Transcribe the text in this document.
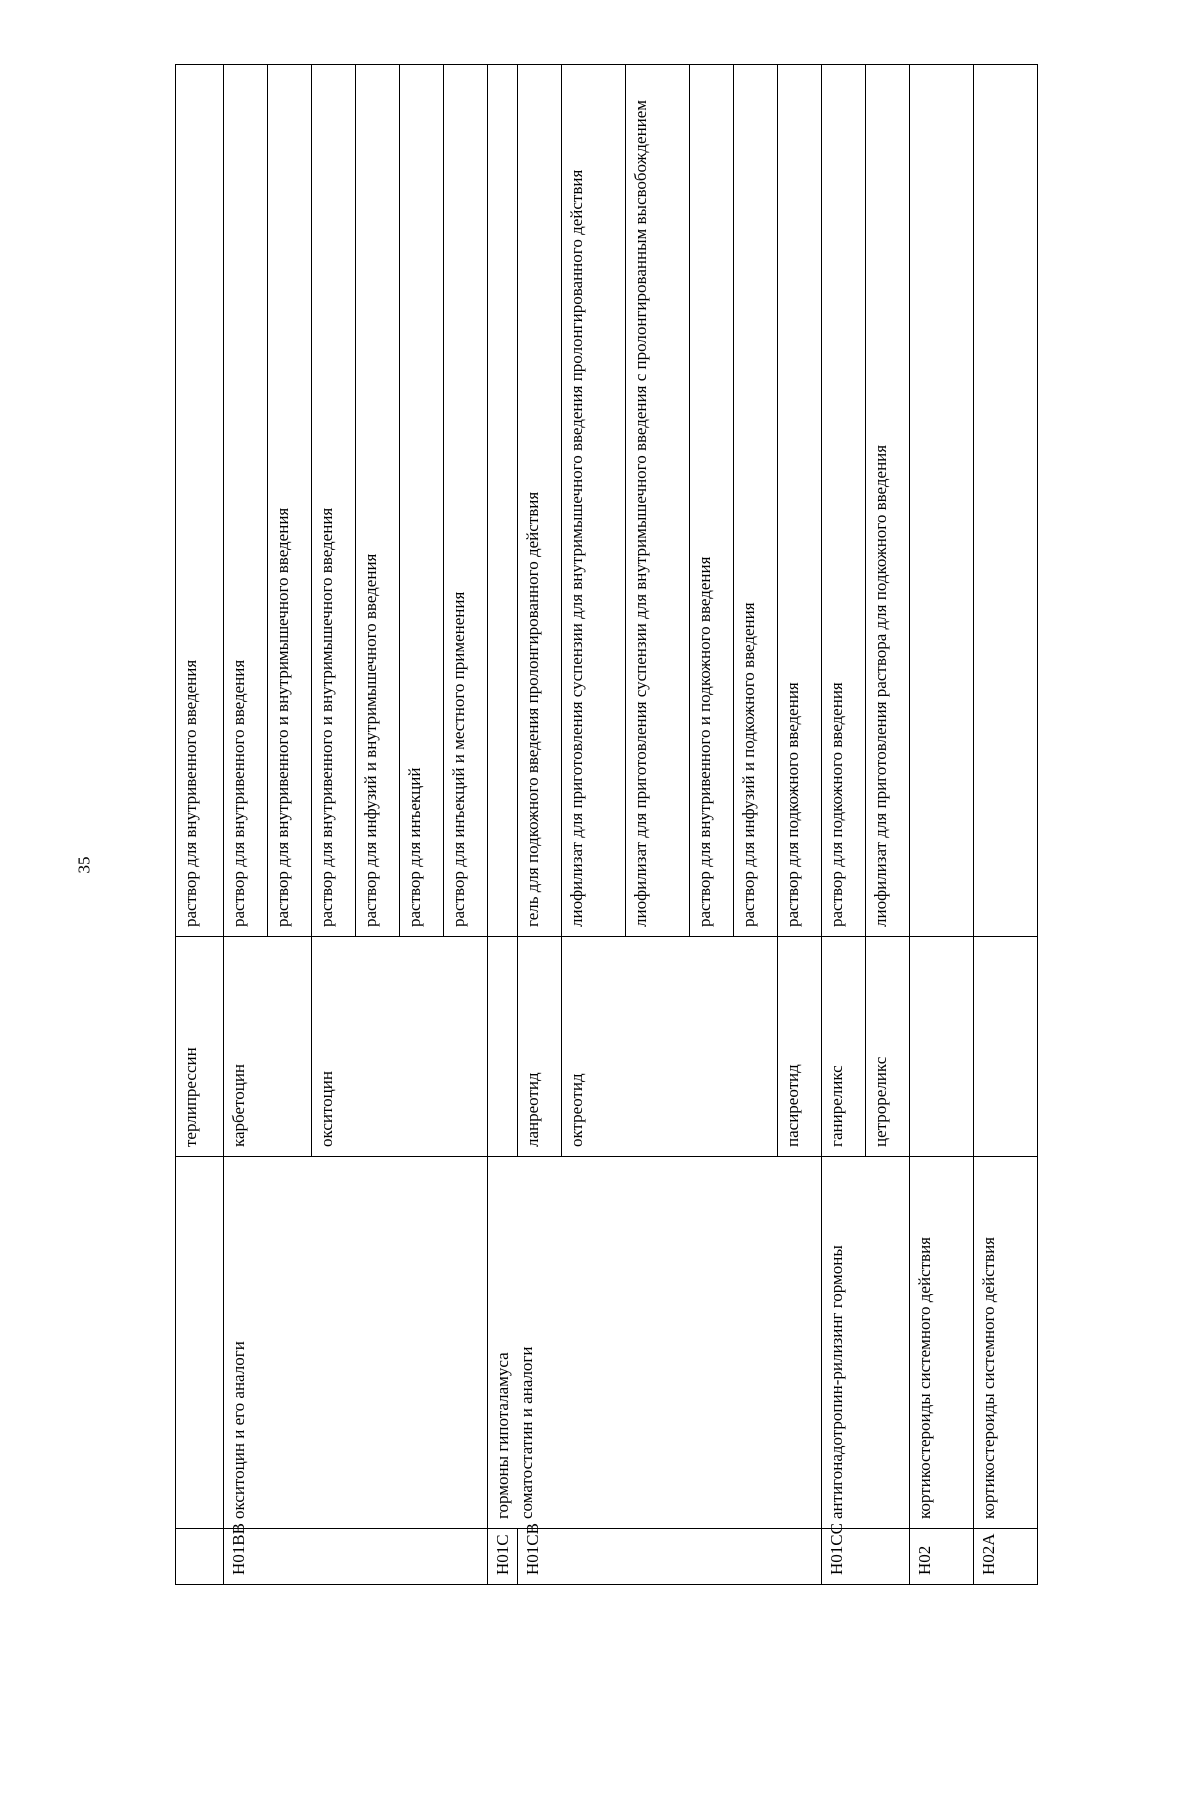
35
		терлипрессин	раствор для внутривенного введения
H01BB	окситоцин и его аналоги	карбетоцин	раствор для внутривенного введения
			раствор для внутривенного и внутримышечного введения
		окситоцин	раствор для внутривенного и внутримышечного введения
			раствор для инфузий и внутримышечного введения
			раствор для инъекций
			раствор для инъекций и местного применения
H01C	гормоны гипоталамуса		
H01CB	соматостатин и аналоги	ланреотид	гель для подкожного введения пролонгированного действия
		октреотид	лиофилизат для приготовления суспензии для внутримышечного введения пролонгированного действия
			лиофилизат для приготовления суспензии для внутримышечного введения с пролонгированным высвобождением
			раствор для внутривенного и подкожного введения
			раствор для инфузий и подкожного введения
		пасиреотид	раствор для подкожного введения
H01CC	антигонадотропин-рилизинг гормоны	ганиреликс	раствор для подкожного введения
		цетрореликс	лиофилизат для приготовления раствора для подкожного введения
H02	кортикостероиды системного действия		
H02A	кортикостероиды системного действия		
